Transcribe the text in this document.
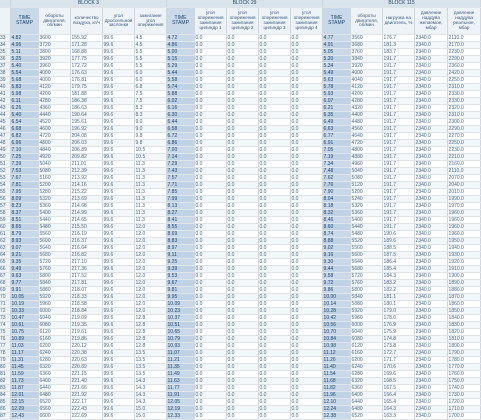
	BLOCK 3					BLOCK 29					BLOCK 115				
	TIME STAMP	обороты двигателя, об/мин	количество воздуха, кг/ч	угол дроссельной заслонки	зажигание угол опережения	TIME STAMP	угол опережения зажигания цилиндр 1	угол опережения зажигания цилиндр 2	угол опережения зажигания цилиндр 3	угол опережения зажигания цилиндр 4	TIME STAMP	обороты двигателя, об/мин	нагрузка на двигатель, %	давление наддува желаемое, мбар	давление наддува реальное, мбар
33	4.82	3600	155.92	99.6	4.5	4.72	0.0	0.0	0.0	0.0	4.77	3560	176.7	2340.0	2110.0
34	4.96	3720	171.28	99.6	4.5	4.86	0.0	0.0	0.0	0.0	4.91	3680	181.3	2340.0	2170.0
35	5.11	3800	168.88	99.6	5.5	5.00	0.0	0.0	0.0	0.0	5.05	3760	183.7	2340.0	2230.0
36	5.25	3920	177.75	99.6	5.5	5.15	0.0	0.0	0.0	0.0	5.20	3840	191.7	2340.0	2290.0
37	5.40	3960	172.72	99.6	5.5	5.29	0.0	0.0	0.0	0.0	5.34	3920	191.7	2340.0	2360.0
38	5.54	4000	176.63	99.6	6.0	5.44	0.0	0.0	0.0	0.0	5.49	4000	191.7	2340.0	2420.0
39	5.68	4000	176.81	99.6	6.0	5.58	0.0	0.0	0.0	0.0	5.63	4040	191.7	2340.0	2250.0
40	5.83	4120	179.75	99.6	6.8	5.74	0.0	0.0	0.0	0.0	5.78	4120	191.7	2340.0	2310.0
41	5.98	4200	181.88	99.6	7.5	5.88	0.0	0.0	0.0	0.0	5.93	4200	191.7	2340.0	2330.0
42	6.11	4280	186.38	99.6	7.5	6.02	0.0	0.0	0.0	0.0	6.07	4280	191.7	2340.0	2330.0
43	6.26	4360	186.63	99.6	8.3	6.16	0.0	0.0	0.0	0.0	6.21	4320	191.7	2340.0	2320.0
44	6.40	4440	190.64	99.6	8.3	6.30	0.0	0.0	0.0	0.0	6.35	4400	191.7	2340.0	2310.0
45	6.54	4520	195.61	99.6	9.0	6.44	0.0	0.0	0.0	0.0	6.49	4480	191.7	2340.0	2300.0
46	6.68	4600	196.92	99.6	9.0	6.58	0.0	0.0	0.0	0.0	6.63	4560	191.7	2340.0	2290.0
47	6.82	4720	204.08	99.6	9.8	6.72	0.0	0.0	0.0	0.0	6.77	4640	191.7	2340.0	2270.0
48	6.96	4800	206.03	99.6	9.8	6.86	0.0	0.0	0.0	0.0	6.91	4720	191.7	2340.0	2250.0
49	7.10	4840	206.89	99.6	10.5	7.00	0.0	0.0	0.0	0.0	7.05	4800	191.7	2340.0	2230.0
50	7.25	4920	209.82	99.6	10.5	7.14	0.0	0.0	0.0	0.0	7.19	4880	191.7	2340.0	2210.0
51	7.39	5040	211.01	99.6	11.3	7.29	0.0	0.0	0.0	0.0	7.34	4960	191.7	2340.0	2160.0
52	7.53	5080	212.39	99.6	11.3	7.43	0.0	0.0	0.0	0.0	7.48	5040	191.7	2340.0	2110.0
53	7.67	5160	213.92	99.6	11.3	7.57	0.0	0.0	0.0	0.0	7.62	5080	191.7	2340.0	2070.0
54	7.81	5200	214.16	99.6	11.3	7.71	0.0	0.0	0.0	0.0	7.76	5120	191.7	2340.0	2040.0
55	7.95	5280	215.22	99.6	11.3	7.85	0.0	0.0	0.0	0.0	7.90	5200	191.7	2340.0	2010.0
56	8.09	5320	213.69	99.6	11.3	7.99	0.0	0.0	0.0	0.0	8.04	5240	191.7	2340.0	1990.0
57	8.23	5360	214.68	99.6	11.3	8.13	0.0	0.0	0.0	0.0	8.18	5320	191.7	2340.0	1970.0
58	8.37	5400	214.99	99.6	11.3	8.27	0.0	0.0	0.0	0.0	8.32	5360	191.7	2340.0	1960.0
59	8.51	5440	214.65	99.6	11.3	8.41	0.0	0.0	0.0	0.0	8.46	5400	191.7	2340.0	1960.0
60	8.65	5480	215.50	99.6	12.0	8.55	0.0	0.0	0.0	0.0	8.60	5440	191.7	2340.0	1960.0
61	8.79	5560	216.19	99.6	12.0	8.69	0.0	0.0	0.0	0.0	8.74	5480	190.6	2340.0	1960.0
62	8.93	5600	216.37	99.6	12.0	8.83	0.0	0.0	0.0	0.0	8.88	5520	189.6	2340.0	1950.0
63	9.07	5640	216.64	99.6	12.0	8.97	0.0	0.0	0.0	0.0	9.02	5560	188.5	2340.0	1940.0
64	9.21	5680	216.82	99.6	12.0	9.11	0.0	0.0	0.0	0.0	9.16	5600	187.5	2340.0	1930.0
65	9.35	5720	217.10	99.6	12.0	9.25	0.0	0.0	0.0	0.0	9.30	5640	186.4	2340.0	1920.0
66	9.49	5760	217.36	99.6	12.0	9.39	0.0	0.0	0.0	0.0	9.44	5680	185.4	2340.0	1910.0
67	9.63	5800	217.52	99.6	12.0	9.53	0.0	0.0	0.0	0.0	9.58	5720	184.3	2340.0	1900.0
68	9.77	5840	217.81	99.6	12.0	9.67	0.0	0.0	0.0	0.0	9.72	5760	183.2	2340.0	1890.0
69	9.91	5880	218.07	99.6	12.0	9.81	0.0	0.0	0.0	0.0	9.86	5800	182.2	2340.0	1880.0
70	10.05	5920	218.33	99.6	12.0	9.95	0.0	0.0	0.0	0.0	10.00	5840	181.1	2340.0	1870.0
71	10.19	5960	218.58	99.6	12.0	10.09	0.0	0.0	0.0	0.0	10.14	5880	180.1	2340.0	1860.0
72	10.33	6000	218.84	99.6	12.0	10.23	0.0	0.0	0.0	0.0	10.28	5920	179.0	2340.0	1850.0
73	10.47	6040	219.09	99.6	12.8	10.37	0.0	0.0	0.0	0.0	10.42	5960	178.0	2340.0	1840.0
74	10.61	6080	219.35	99.6	12.8	10.51	0.0	0.0	0.0	0.0	10.56	6000	176.9	2340.0	1830.0
75	10.75	6120	219.61	99.6	12.8	10.65	0.0	0.0	0.0	0.0	10.70	6040	175.9	2340.0	1820.0
76	10.89	6160	219.86	99.6	12.8	10.79	0.0	0.0	0.0	0.0	10.84	6080	174.8	2340.0	1810.0
77	11.03	6200	220.12	99.6	12.8	10.93	0.0	0.0	0.0	0.0	10.98	6120	173.8	2340.0	1800.0
78	11.17	6240	220.38	99.6	13.5	11.07	0.0	0.0	0.0	0.0	11.12	6160	172.7	2340.0	1790.0
79	11.31	6280	220.63	99.6	13.5	11.21	0.0	0.0	0.0	0.0	11.26	6200	171.7	2340.0	1780.0
80	11.45	6320	220.89	99.6	13.5	11.35	0.0	0.0	0.0	0.0	11.40	6240	170.6	2340.0	1770.0
81	11.59	6360	221.15	99.6	13.5	11.49	0.0	0.0	0.0	0.0	11.54	6280	169.6	2340.0	1760.0
82	11.73	6400	221.40	99.6	14.3	11.63	0.0	0.0	0.0	0.0	11.68	6320	168.5	2340.0	1750.0
83	11.87	6440	221.66	99.6	14.3	11.77	0.0	0.0	0.0	0.0	11.82	6360	167.5	2340.0	1740.0
84	12.01	6480	221.92	99.6	14.3	11.91	0.0	0.0	0.0	0.0	11.96	6400	166.4	2340.0	1730.0
85	12.15	6520	222.17	99.6	14.3	12.05	0.0	0.0	0.0	0.0	12.10	6440	165.4	2340.0	1720.0
86	12.29	6560	222.43	99.6	15.0	12.19	0.0	0.0	0.0	0.0	12.24	6480	164.3	2340.0	1710.0
87	12.43	6600	222.69	99.6	15.0	12.33	0.0	0.0	0.0	0.0	12.38	6520	163.3	2340.0	1700.0
